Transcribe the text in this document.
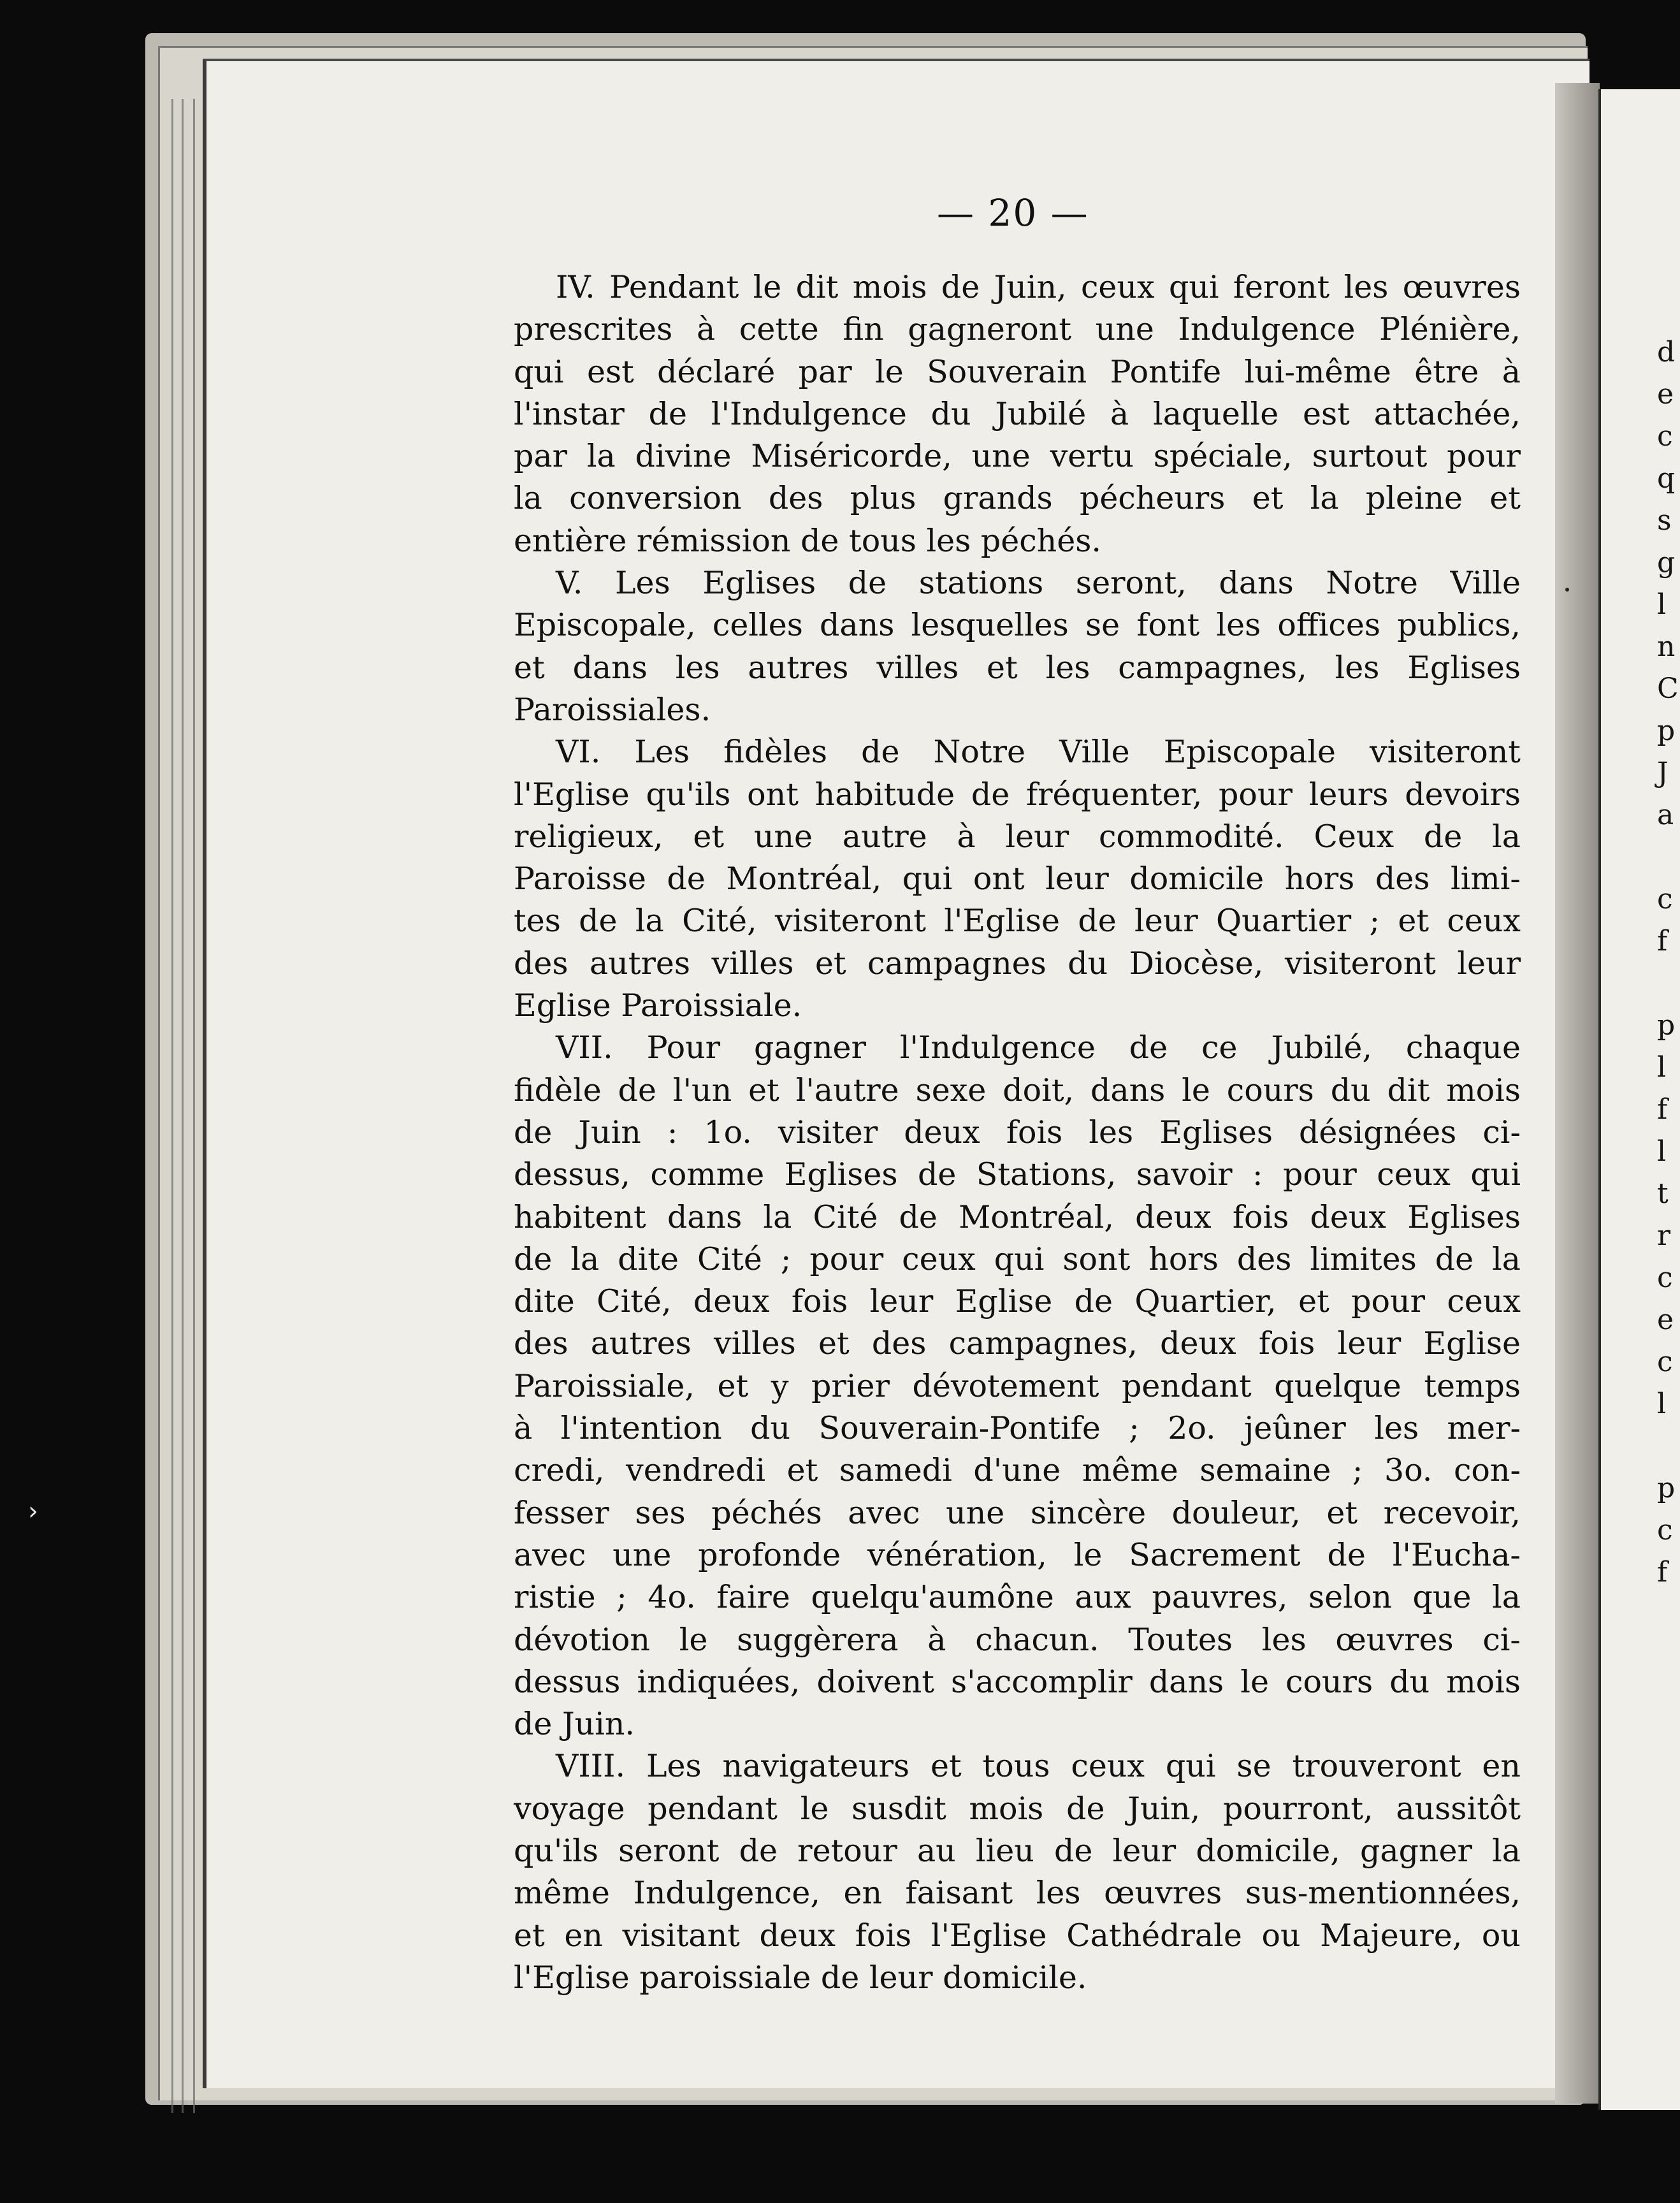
d
e
c
q
s
g
l
n
C
p
J
a

c
f

p
l
f
l
t
r
c
e
c
l

p
c
f
— 20 —
IV. Pendant le dit mois de Juin, ceux qui feront les œuvres
prescrites à cette fin gagneront une Indulgence Plénière,
qui est déclaré par le Souverain Pontife lui-même être à
l'instar de l'Indulgence du Jubilé à laquelle est attachée,
par la divine Miséricorde, une vertu spéciale, surtout pour
la conversion des plus grands pécheurs et la pleine et
entière rémission de tous les péchés.
V. Les Eglises de stations seront, dans Notre Ville
Episcopale, celles dans lesquelles se font les offices publics,
et dans les autres villes et les campagnes, les Eglises
Paroissiales.
VI. Les fidèles de Notre Ville Episcopale visiteront
l'Eglise qu'ils ont habitude de fréquenter, pour leurs devoirs
religieux, et une autre à leur commodité. Ceux de la
Paroisse de Montréal, qui ont leur domicile hors des limi-
tes de la Cité, visiteront l'Eglise de leur Quartier ; et ceux
des autres villes et campagnes du Diocèse, visiteront leur
Eglise Paroissiale.
VII. Pour gagner l'Indulgence de ce Jubilé, chaque
fidèle de l'un et l'autre sexe doit, dans le cours du dit mois
de Juin : 1o. visiter deux fois les Eglises désignées ci-
dessus, comme Eglises de Stations, savoir : pour ceux qui
habitent dans la Cité de Montréal, deux fois deux Eglises
de la dite Cité ; pour ceux qui sont hors des limites de la
dite Cité, deux fois leur Eglise de Quartier, et pour ceux
des autres villes et des campagnes, deux fois leur Eglise
Paroissiale, et y prier dévotement pendant quelque temps
à l'intention du Souverain-Pontife ; 2o. jeûner les mer-
credi, vendredi et samedi d'une même semaine ; 3o. con-
fesser ses péchés avec une sincère douleur, et recevoir,
avec une profonde vénération, le Sacrement de l'Eucha-
ristie ; 4o. faire quelqu'aumône aux pauvres, selon que la
dévotion le suggèrera à chacun. Toutes les œuvres ci-
dessus indiquées, doivent s'accomplir dans le cours du mois
de Juin.
VIII. Les navigateurs et tous ceux qui se trouveront en
voyage pendant le susdit mois de Juin, pourront, aussitôt
qu'ils seront de retour au lieu de leur domicile, gagner la
même Indulgence, en faisant les œuvres sus-mentionnées,
et en visitant deux fois l'Eglise Cathédrale ou Majeure, ou
l'Eglise paroissiale de leur domicile.
›
